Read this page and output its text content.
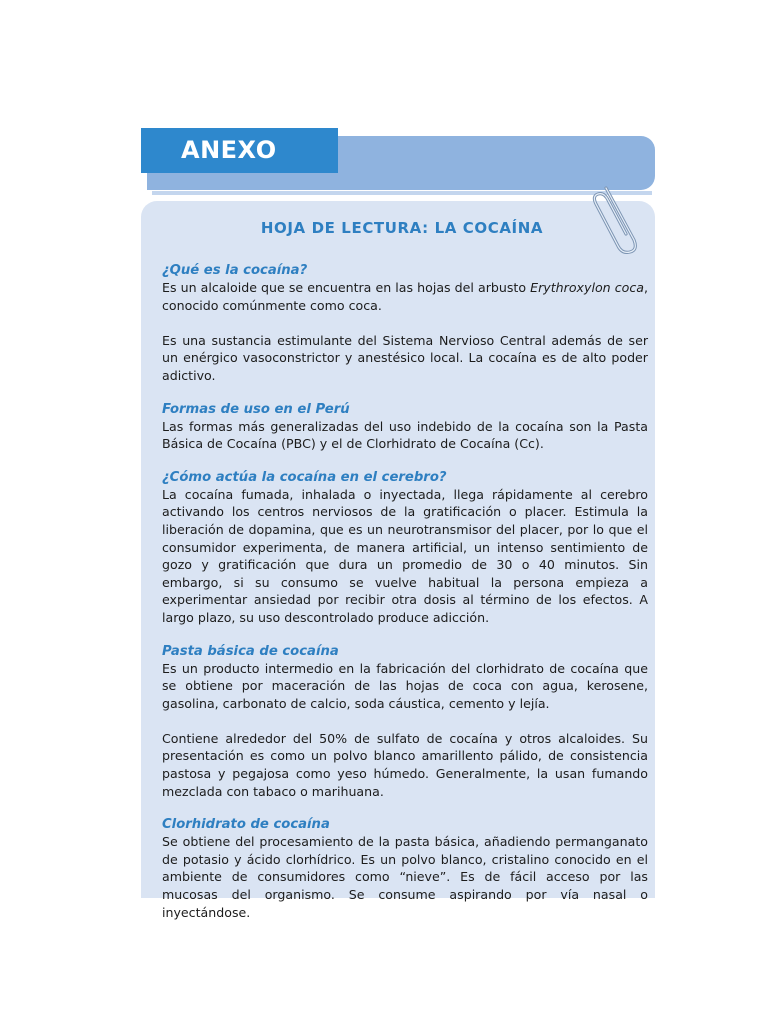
ANEXO
HOJA DE LECTURA: LA COCAÍNA

¿Qué es la cocaína?

Es un alcaloide que se encuentra en las hojas del arbusto Erythroxylon coca, conocido comúnmente como coca.

Es una sustancia estimulante del Sistema Nervioso Central además de ser un enérgico vasoconstrictor y anestésico local. La cocaína es de alto poder adictivo.

Formas de uso en el Perú

Las formas más generalizadas del uso indebido de la cocaína son la Pasta Básica de Cocaína (PBC) y el de Clorhidrato de Cocaína (Cc).

¿Cómo actúa la cocaína en el cerebro?

La cocaína fumada, inhalada o inyectada, llega rápidamente al cerebro activando los centros nerviosos de la gratificación o placer. Estimula la liberación de dopamina, que es un neurotransmisor del placer, por lo que el consumidor experimenta, de manera artificial, un intenso sentimiento de gozo y gratificación que dura un promedio de 30 o 40 minutos. Sin embargo, si su consumo se vuelve habitual la persona empieza a experimentar ansiedad por recibir otra dosis al término de los efectos. A largo plazo, su uso descontrolado produce adicción.

Pasta básica de cocaína

Es un producto intermedio en la fabricación del clorhidrato de cocaína que se obtiene por maceración de las hojas de coca con agua, kerosene, gasolina, carbonato de calcio, soda cáustica, cemento y lejía.

Contiene alrededor del 50% de sulfato de cocaína y otros alcaloides. Su presentación es como un polvo blanco amarillento pálido, de consistencia pastosa y pegajosa como yeso húmedo. Generalmente, la usan fumando mezclada con tabaco o marihuana.

Clorhidrato de cocaína

Se obtiene del procesamiento de la pasta básica, añadiendo permanganato de potasio y ácido clorhídrico. Es un polvo blanco, cristalino conocido en el ambiente de consumidores como “nieve”. Es de fácil acceso por las mucosas del organismo. Se consume aspirando por vía nasal o inyectándose.
